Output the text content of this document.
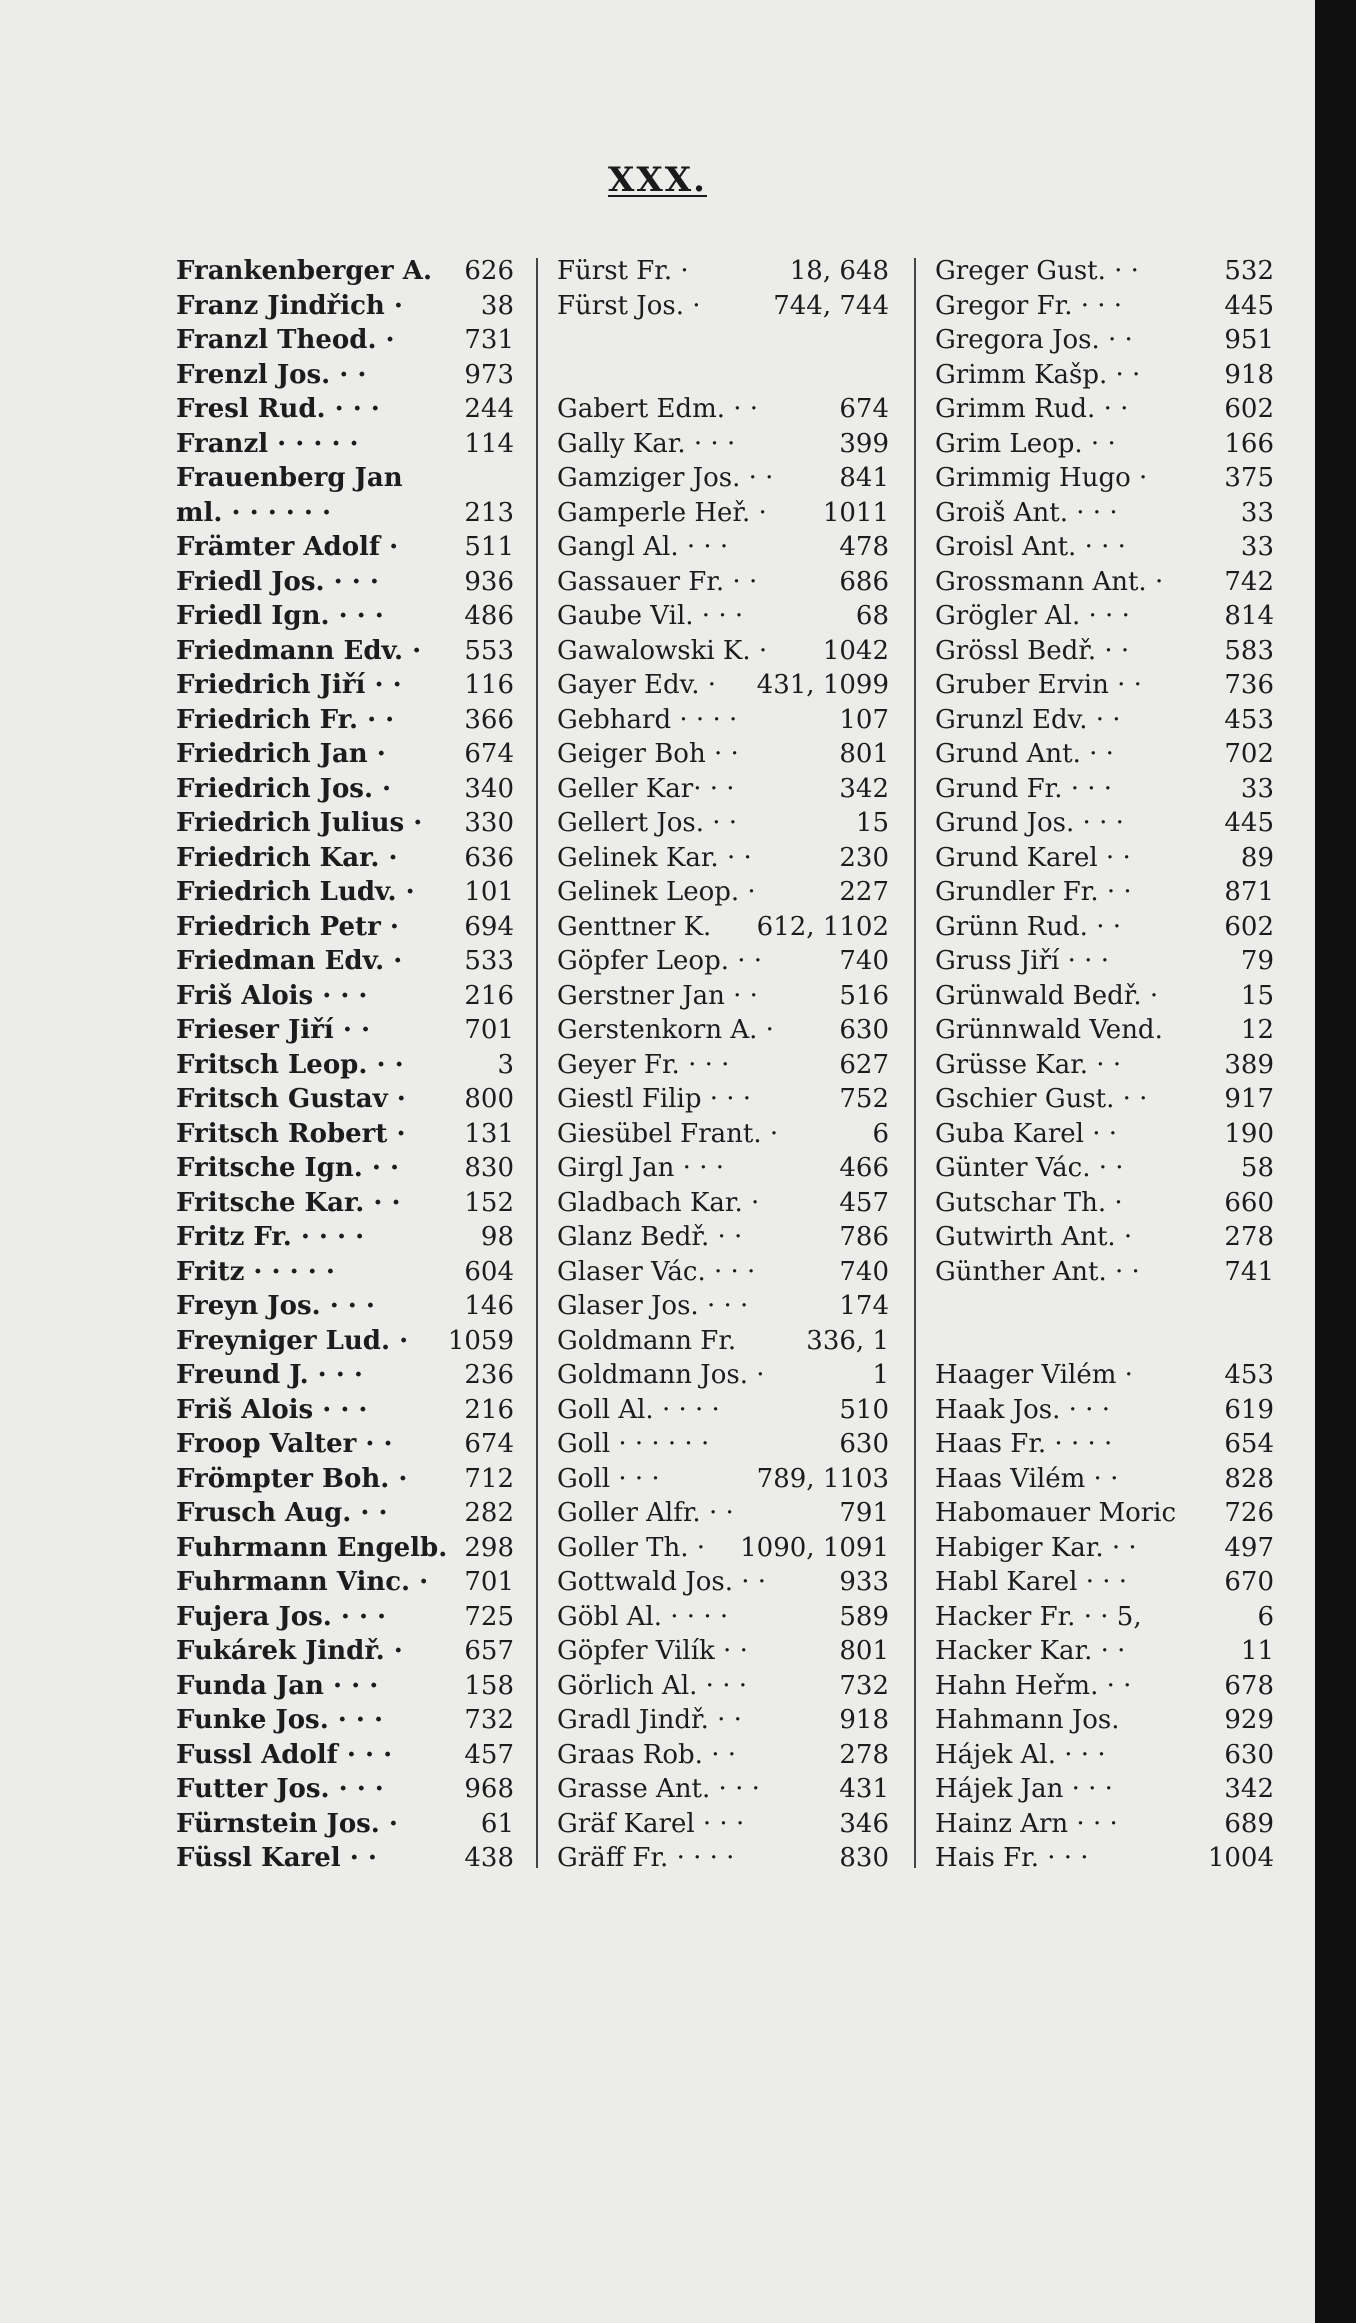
XXX.
Frankenberger A. 626
Franz Jindřich ·	38
Franzl Theod. ·	731
Frenzl Jos. · ·	973
Fresl Rud. · · ·	244
Franzl · · · · ·	114
Frauenberg Jan
ml. · · · · · ·	213
Främter Adolf ·	511
Friedl Jos. · · ·	936
Friedl Ign. · · ·	486
Friedmann Edv. · 553
Friedrich Jiří · · 116
Friedrich Fr. · ·	366
Friedrich Jan ·	674
Friedrich Jos. ·	340
Friedrich Julius · 330
Friedrich Kar. ·	636
Friedrich Ludv. · 101
Friedrich Petr ·	694
Friedman Edv. · 533
Friš Alois · · ·	216
Frieser Jiří · ·	701
Fritsch Leop. · ·	3
Fritsch Gustav · 800
Fritsch Robert · 131
Fritsche Ign. · ·	830
Fritsche Kar. · · 152
Fritz Fr. · · · ·	98
Fritz · · · · ·	604
Freyn Jos. · · ·	146
Freyniger Lud. · 1059
Freund J. · · ·	236
Friš Alois · · ·	216
Froop Valter · ·	674
Frömpter Boh. · 712
Frusch Aug. · ·	282
Fuhrmann Engelb. 298
Fuhrmann Vinc. · 701
Fujera Jos. · · ·	725
Fukárek Jindř. · 657
Funda Jan · · ·	158
Funke Jos. · · ·	732
Fussl Adolf · · ·	457
Futter Jos. · · ·	968
Fürnstein Jos. ·	61
Füssl Karel · ·	438
Fürst Fr. ·	18, 648
Fürst Jos. ·	744, 744
Gabert Edm. · ·	674
Gally Kar. · · ·	399
Gamziger Jos. · ·	841
Gamperle Heř. · 1011
Gangl Al. · · ·	478
Gassauer Fr. · ·	686
Gaube Vil. · · ·	68
Gawalowski K. · 1042
Gayer Edv. · 431, 1099
Gebhard · · · ·	107
Geiger Boh · ·	801
Geller Kar· · ·	342
Gellert Jos. · ·	15
Gelinek Kar. · ·	230
Gelinek Leop. ·	227
Genttner K. 612, 1102
Göpfer Leop. · ·	740
Gerstner Jan · ·	516
Gerstenkorn A. ·	630
Geyer Fr. · · ·	627
Giestl Filip · · ·	752
Giesübel Frant. ·	6
Girgl Jan · · ·	466
Gladbach Kar. ·	457
Glanz Bedř. · ·	786
Glaser Vác. · · ·	740
Glaser Jos. · · ·	174
Goldmann Fr.	336, 1
Goldmann Jos. ·	1
Goll Al. · · · ·	510
Goll · · · · · ·	630
Goll · · ·	789, 1103
Goller Alfr. · ·	791
Goller Th. · 1090, 1091
Gottwald Jos. · ·	933
Göbl Al. · · · ·	589
Göpfer Vilík · ·	801
Görlich Al. · · ·	732
Gradl Jindř. · ·	918
Graas Rob. · ·	278
Grasse Ant. · · ·	431
Gräf Karel · · ·	346
Gräff Fr. · · · ·	830
Greger Gust. · ·	532
Gregor Fr. · · ·	445
Gregora Jos. · ·	951
Grimm Kašp. · ·	918
Grimm Rud. · ·	602
Grim Leop. · ·	166
Grimmig Hugo ·	375
Groiš Ant. · · ·	33
Groisl Ant. · · ·	33
Grossmann Ant. · 742
Grögler Al. · · ·	814
Grössl Bedř. · ·	583
Gruber Ervin · ·	736
Grunzl Edv. · ·	453
Grund Ant. · ·	702
Grund Fr. · · ·	33
Grund Jos. · · ·	445
Grund Karel · ·	89
Grundler Fr. · ·	871
Grünn Rud. · ·	602
Gruss Jiří · · ·	79
Grünwald Bedř. ·	15
Grünnwald Vend.	12
Grüsse Kar. · ·	389
Gschier Gust. · ·	917
Guba Karel · ·	190
Günter Vác. · ·	58
Gutschar Th. ·	660
Gutwirth Ant. ·	278
Günther Ant. · ·	741
Haager Vilém ·	453
Haak Jos. · · ·	619
Haas Fr. · · · ·	654
Haas Vilém · ·	828
Habomauer Moric 726
Habiger Kar. · ·	497
Habl Karel · · ·	670
Hacker Fr. · · 5,	6
Hacker Kar. · ·	11
Hahn Heřm. · ·	678
Hahmann Jos.	929
Hájek Al. · · ·	630
Hájek Jan · · ·	342
Hainz Arn · · ·	689
Hais Fr. · · ·	1004
